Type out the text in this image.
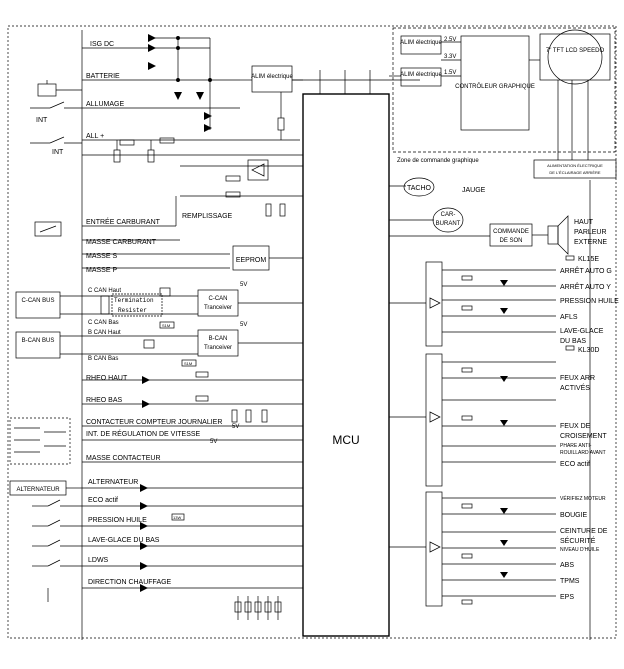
MCU
ISG DC
BATTERIE
ALLUMAGE
INT
ALL +
INT
REMPLISSAGE
ENTRÉE CARBURANT
MASSE CARBURANT
MASSE S
MASSE P
EEPROM
C CAN Haut
C CAN Bas
C-CAN BUS
B-CAN BUS
B CAN Haut
B CAN Bas
Termination
Resister
C-CAN
Tranceiver
B-CAN
Tranceiver
5V
5V
5V
5V
RHEO HAUT
RHEO BAS
CONTACTEUR COMPTEUR JOURNALIER
INT. DE RÉGULATION DE VITESSE
MASSE CONTACTEUR
ALTERNATEUR
ALTERNATEUR
ECO actif
PRESSION HUILE
LAVE-GLACE DU BAS
LDWS
DIRECTION CHAUFFAGE
S1M
S1M
13W
ALIM électrique
ALIM électrique
ALIM électrique
2.5V
3.3V
1.5V
CONTRÔLEUR GRAPHIQUE
7" TFT LCD SPEEDO
Zone de commande graphique
ALIMENTATION ÉLECTRIQUE
DE L'ÉCLAIRAGE ARRIÈRE
TACHO	JAUGE
CAR-
BURANT
COMMANDE
DE SON
HAUT
PARLEUR
EXTERNE
KL15E
ARRÊT AUTO G
ARRÊT AUTO Y
PRESSION HUILE
AFLS
LAVE-GLACE
DU BAS
KL30D
FEUX ARR
ACTIVÉS
FEUX DE
CROISEMENT
PHARE ANTI-
ROUILLARD AVANT
ECO actif
VÉRIFIEZ MOTEUR
BOUGIE
CEINTURE DE
SÉCURITÉ
NIVEAU D'HUILE
ABS
TPMS
EPS
